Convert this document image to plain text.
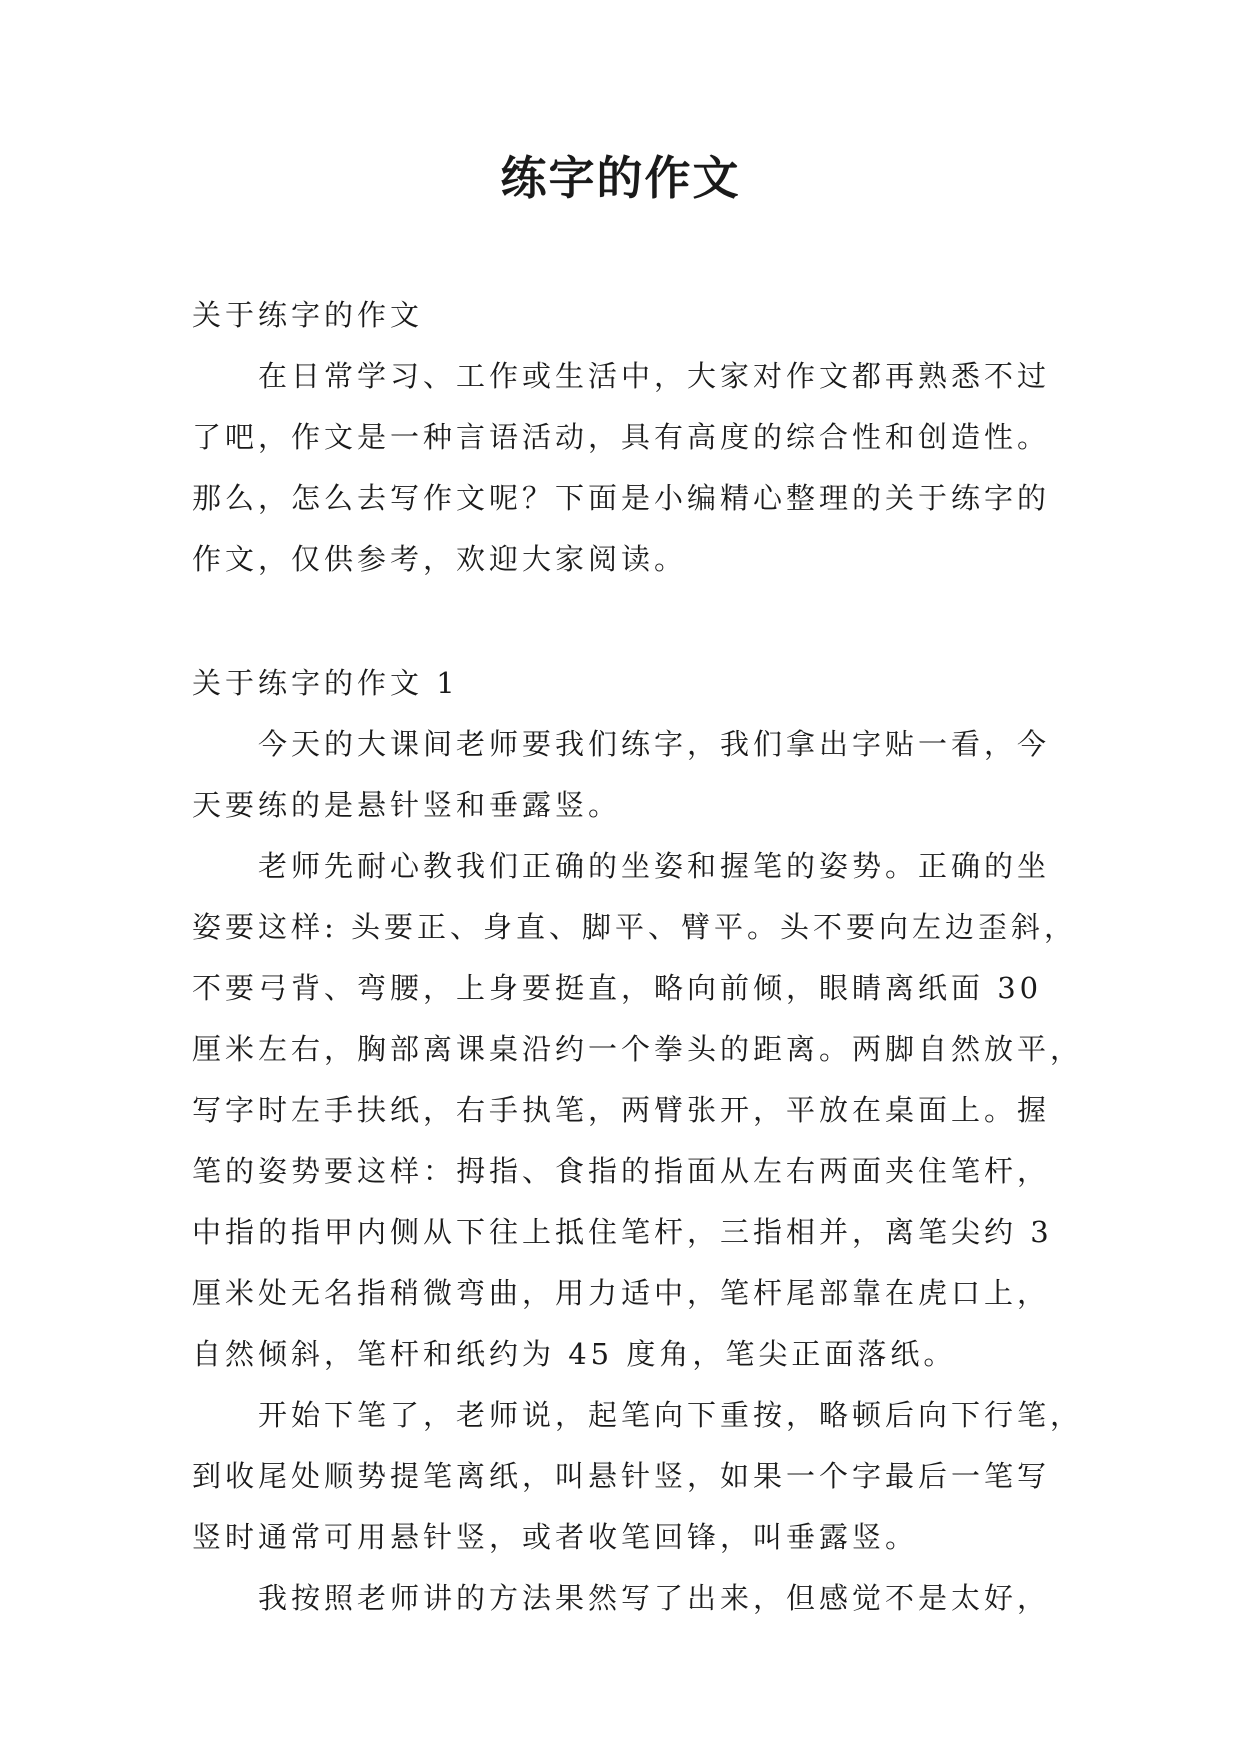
练字的作文
关于练字的作文
在日常学习、工作或生活中，大家对作文都再熟悉不过
了吧，作文是一种言语活动，具有高度的综合性和创造性。
那么，怎么去写作文呢？下面是小编精心整理的关于练字的
作文，仅供参考，欢迎大家阅读。
关于练字的作文 1
今天的大课间老师要我们练字，我们拿出字贴一看，今
天要练的是悬针竖和垂露竖。
老师先耐心教我们正确的坐姿和握笔的姿势。正确的坐
姿要这样: 头要正、身直、脚平、臂平。头不要向左边歪斜，
不要弓背、弯腰，上身要挺直，略向前倾，眼睛离纸面 30
厘米左右，胸部离课桌沿约一个拳头的距离。两脚自然放平，
写字时左手扶纸，右手执笔，两臂张开，平放在桌面上。握
笔的姿势要这样：拇指、食指的指面从左右两面夹住笔杆，
中指的指甲内侧从下往上抵住笔杆，三指相并，离笔尖约 3
厘米处无名指稍微弯曲，用力适中，笔杆尾部靠在虎口上，
自然倾斜，笔杆和纸约为 45 度角，笔尖正面落纸。
开始下笔了，老师说，起笔向下重按，略顿后向下行笔，
到收尾处顺势提笔离纸，叫悬针竖，如果一个字最后一笔写
竖时通常可用悬针竖，或者收笔回锋，叫垂露竖。
我按照老师讲的方法果然写了出来，但感觉不是太好，
